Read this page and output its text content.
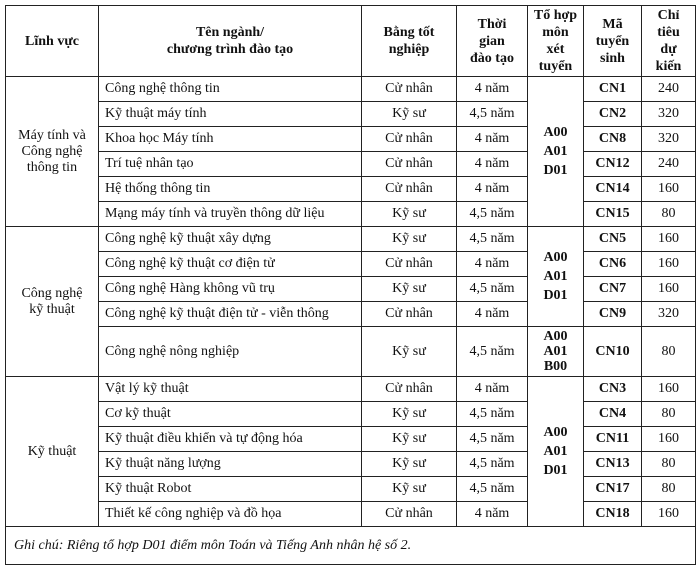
Lĩnh vực	Tên ngành/
chương trình đào tạo	Bằng tốt
nghiệp	Thời
gian
đào tạo	Tổ hợp
môn xét
tuyển	Mã
tuyển
sinh	Chỉ tiêu
dự kiến
Máy tính và
Công nghệ
thông tin	Công nghệ thông tin	Cử nhân	4 năm	A00
A01
D01	CN1	240
	Kỹ thuật máy tính	Kỹ sư	4,5 năm		CN2	320
	Khoa học Máy tính	Cử nhân	4 năm		CN8	320
	Trí tuệ nhân tạo	Cử nhân	4 năm		CN12	240
	Hệ thống thông tin	Cử nhân	4 năm		CN14	160
	Mạng máy tính và truyền thông dữ liệu	Kỹ sư	4,5 năm		CN15	80
Công nghệ
kỹ thuật	Công nghệ kỹ thuật xây dựng	Kỹ sư	4,5 năm	A00
A01
D01	CN5	160
	Công nghệ kỹ thuật cơ điện tử	Cử nhân	4 năm		CN6	160
	Công nghệ Hàng không vũ trụ	Kỹ sư	4,5 năm		CN7	160
	Công nghệ kỹ thuật điện tử - viễn thông	Cử nhân	4 năm		CN9	320
	Công nghệ nông nghiệp	Kỹ sư	4,5 năm	A00
A01
B00	CN10	80
Kỹ thuật	Vật lý kỹ thuật	Cử nhân	4 năm	A00
A01
D01	CN3	160
	Cơ kỹ thuật	Kỹ sư	4,5 năm		CN4	80
	Kỹ thuật điều khiển và tự động hóa	Kỹ sư	4,5 năm		CN11	160
	Kỹ thuật năng lượng	Kỹ sư	4,5 năm		CN13	80
	Kỹ thuật Robot	Kỹ sư	4,5 năm		CN17	80
	Thiết kế công nghiệp và đồ họa	Cử nhân	4 năm		CN18	160
Ghi chú: Riêng tổ hợp D01 điểm môn Toán và Tiếng Anh nhân hệ số 2.						
